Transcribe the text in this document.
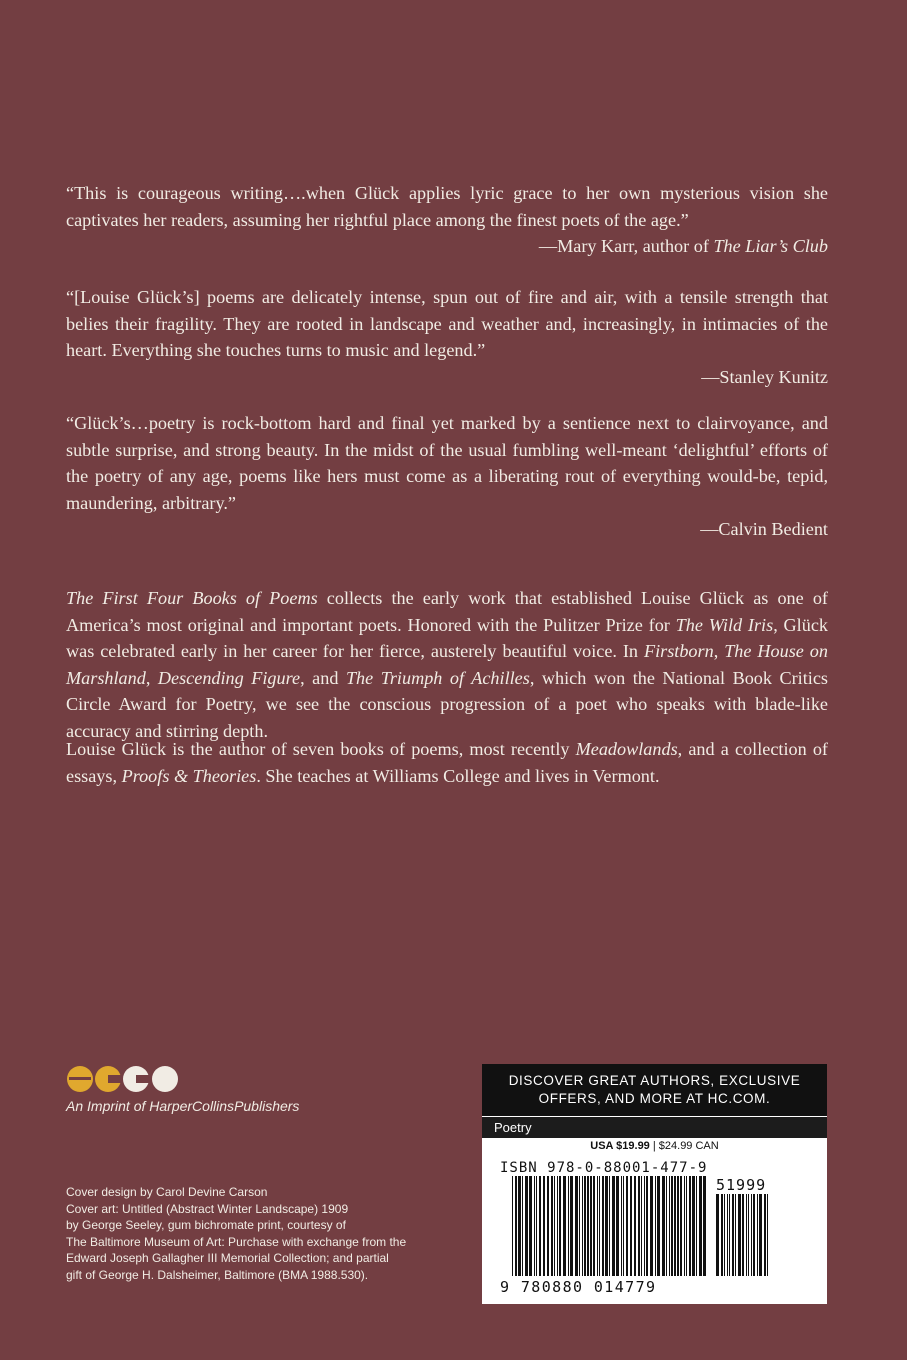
“This is courageous writing….when Glück applies lyric grace to her own mysterious vision she captivates her readers, assuming her rightful place among the finest poets of the age.”

—Mary Karr, author of The Liar’s Club

“[Louise Glück’s] poems are delicately intense, spun out of fire and air, with a tensile strength that belies their fragility. They are rooted in landscape and weather and, increasingly, in intimacies of the heart. Everything she touches turns to music and legend.”

—Stanley Kunitz

“Glück’s…poetry is rock-bottom hard and final yet marked by a sentience next to clairvoyance, and subtle surprise, and strong beauty. In the midst of the usual fumbling well-meant ‘delightful’ efforts of the poetry of any age, poems like hers must come as a liberating rout of everything would-be, tepid, maundering, arbitrary.”

—Calvin Bedient

The First Four Books of Poems collects the early work that established Louise Glück as one of America’s most original and important poets. Honored with the Pulitzer Prize for The Wild Iris, Glück was celebrated early in her career for her fierce, austerely beautiful voice. In Firstborn, The House on Marshland, Descending Figure, and The Triumph of Achilles, which won the National Book Critics Circle Award for Poetry, we see the conscious progression of a poet who speaks with blade-like accuracy and stirring depth.

Louise Glück is the author of seven books of poems, most recently Meadowlands, and a collection of essays, Proofs & Theories. She teaches at Williams College and lives in Vermont.

An Imprint of HarperCollinsPublishers
Cover design by Carol Devine Carson
Cover art: Untitled (Abstract Winter Landscape) 1909
by George Seeley, gum bichromate print, courtesy of
The Baltimore Museum of Art: Purchase with exchange from the
Edward Joseph Gallagher III Memorial Collection; and partial
gift of George H. Dalsheimer, Baltimore (BMA 1988.530).
DISCOVER GREAT AUTHORS, EXCLUSIVE
OFFERS, AND MORE AT HC.COM.
Poetry
USA $19.99 | $24.99 CAN
ISBN 978-0-88001-477-9
51999
9 780880 014779
